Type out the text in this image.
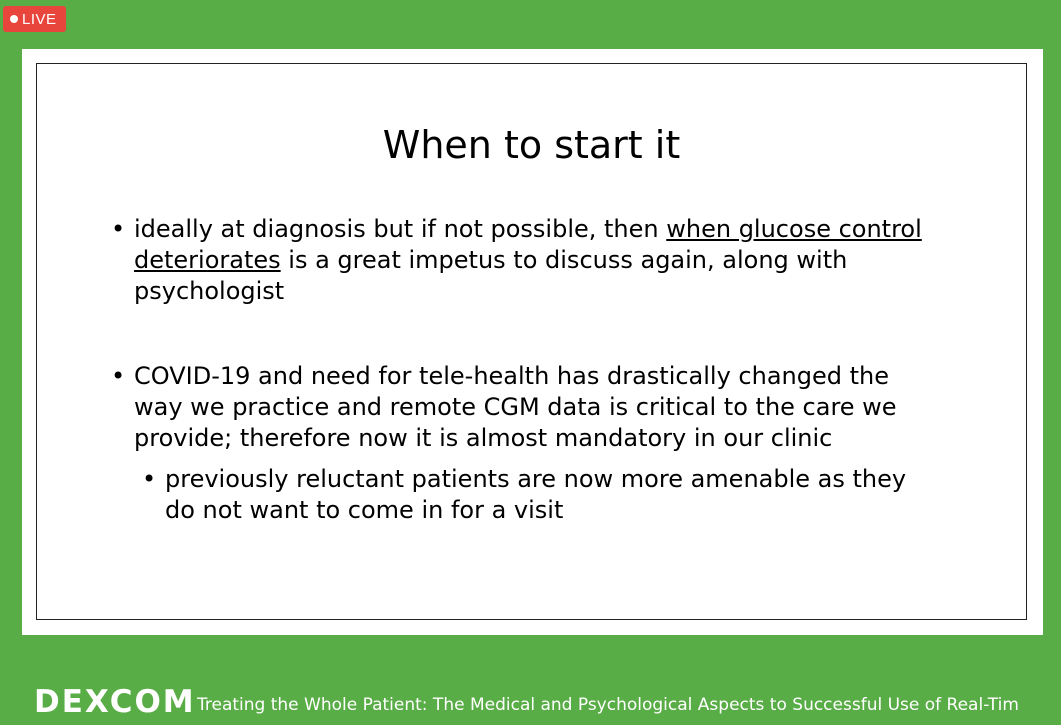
LIVE
When to start it
• ideally at diagnosis but if not possible, then when glucose control deteriorates is a great impetus to discuss again, along with psychologist
• COVID-19 and need for tele-health has drastically changed the way we practice and remote CGM data is critical to the care we provide; therefore now it is almost mandatory in our clinic
• previously reluctant patients are now more amenable as they do not want to come in for a visit
DEXCOM Treating the Whole Patient: The Medical and Psychological Aspects to Successful Use of Real-Tim
